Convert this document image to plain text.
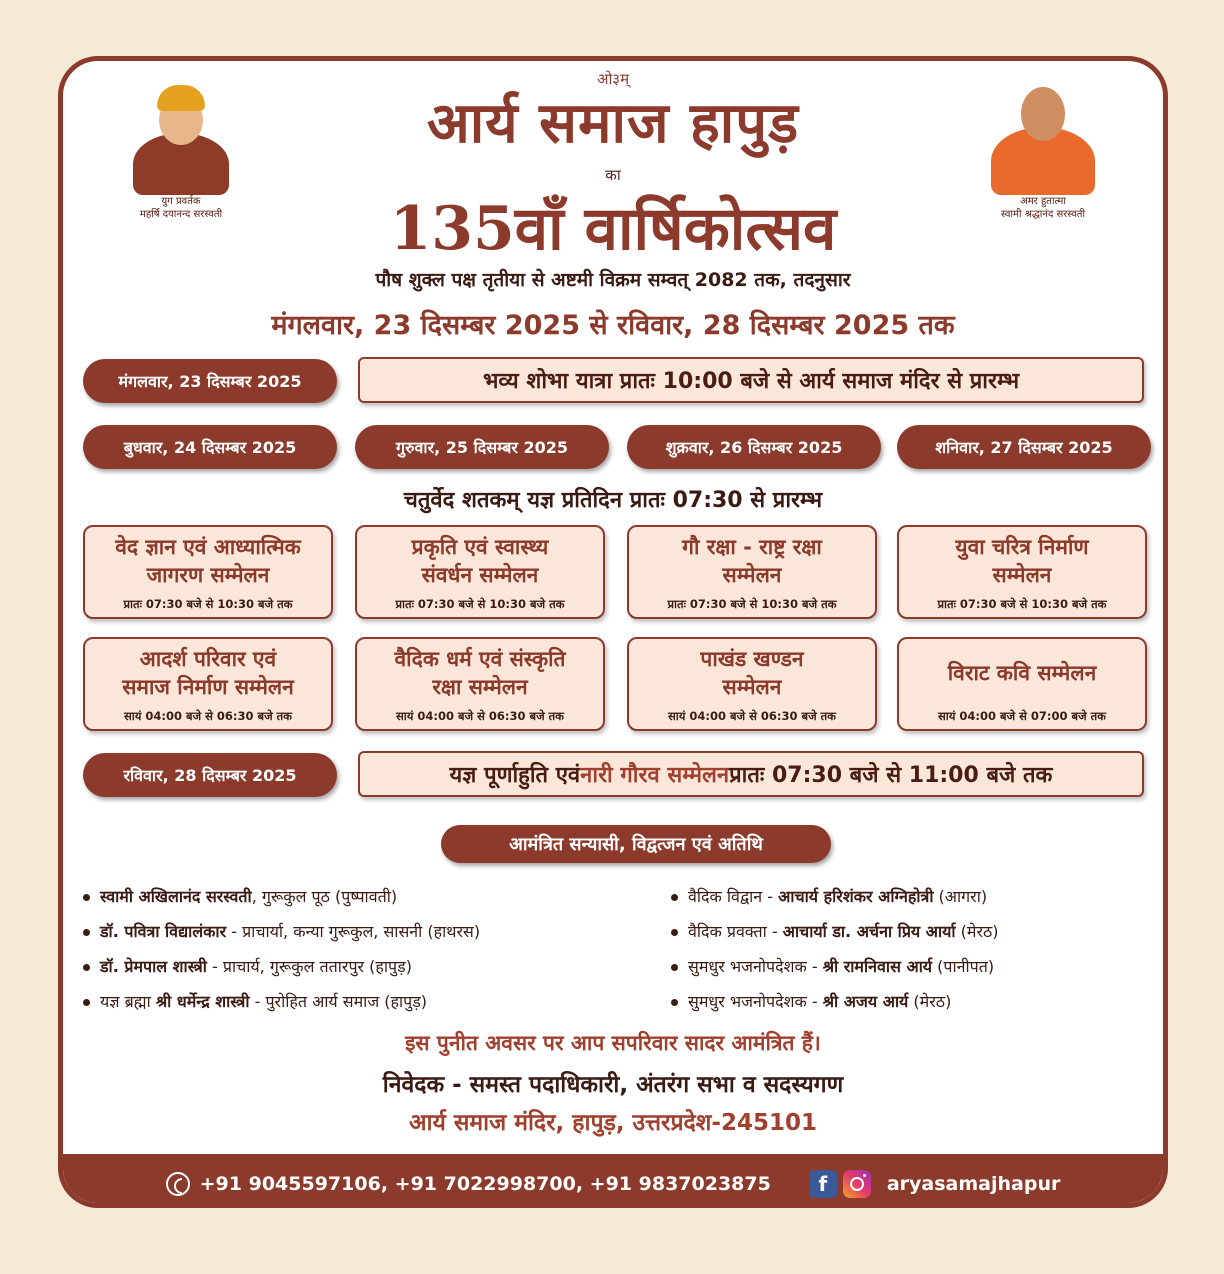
ओ३म्
आर्य समाज हापुड़
का
135वाँ वार्षिकोत्सव
युग प्रवर्तक
महर्षि दयानन्द सरस्वती
अमर हुतात्मा
स्वामी श्रद्धानंद सरस्वती
पौष शुक्ल पक्ष तृतीया से अष्टमी विक्रम सम्वत् 2082 तक, तदनुसार
मंगलवार, 23 दिसम्बर 2025 से रविवार, 28 दिसम्बर 2025 तक
मंगलवार, 23 दिसम्बर 2025	भव्य शोभा यात्रा प्रातः 10:00 बजे से आर्य समाज मंदिर से प्रारम्भ
बुधवार, 24 दिसम्बर 2025	गुरुवार, 25 दिसम्बर 2025	शुक्रवार, 26 दिसम्बर 2025	शनिवार, 27 दिसम्बर 2025
चतुर्वेद शतकम् यज्ञ प्रतिदिन प्रातः 07:30 से प्रारम्भ
वेद ज्ञान एवं आध्यात्मिक
जागरण सम्मेलन
प्रातः 07:30 बजे से 10:30 बजे तक
प्रकृति एवं स्वास्थ्य
संवर्धन सम्मेलन
प्रातः 07:30 बजे से 10:30 बजे तक
गौ रक्षा - राष्ट्र रक्षा
सम्मेलन
प्रातः 07:30 बजे से 10:30 बजे तक
युवा चरित्र निर्माण
सम्मेलन
प्रातः 07:30 बजे से 10:30 बजे तक
आदर्श परिवार एवं
समाज निर्माण सम्मेलन
सायं 04:00 बजे से 06:30 बजे तक
वैदिक धर्म एवं संस्कृति
रक्षा सम्मेलन
सायं 04:00 बजे से 06:30 बजे तक
पाखंड खण्डन
सम्मेलन
सायं 04:00 बजे से 06:30 बजे तक
विराट कवि सम्मेलन
सायं 04:00 बजे से 07:00 बजे तक
रविवार, 28 दिसम्बर 2025	यज्ञ पूर्णाहुति एवं नारी गौरव सम्मेलन प्रातः 07:30 बजे से 11:00 बजे तक
आमंत्रित सन्यासी, विद्वत्जन एवं अतिथि
स्वामी अखिलानंद सरस्वती, गुरूकुल पूठ (पुष्पावती)
डॉ. पवित्रा विद्यालंकार - प्राचार्या, कन्या गुरूकुल, सासनी (हाथरस)
डॉ. प्रेमपाल शास्त्री - प्राचार्य, गुरूकुल ततारपुर (हापुड़)
यज्ञ ब्रह्मा श्री धर्मेन्द्र शास्त्री - पुरोहित आर्य समाज (हापुड़)
वैदिक विद्वान - आचार्य हरिशंकर अग्निहोत्री (आगरा)
वैदिक प्रवक्ता - आचार्या डा. अर्चना प्रिय आर्या (मेरठ)
सुमधुर भजनोपदेशक - श्री रामनिवास आर्य (पानीपत)
सुमधुर भजनोपदेशक - श्री अजय आर्य (मेरठ)
इस पुनीत अवसर पर आप सपरिवार सादर आमंत्रित हैं।
निवेदक - समस्त पदाधिकारी, अंतरंग सभा व सदस्यगण
आर्य समाज मंदिर, हापुड़, उत्तरप्रदेश-245101
+91 9045597106, +91 7022998700, +91 9837023875	f	aryasamajhapur
